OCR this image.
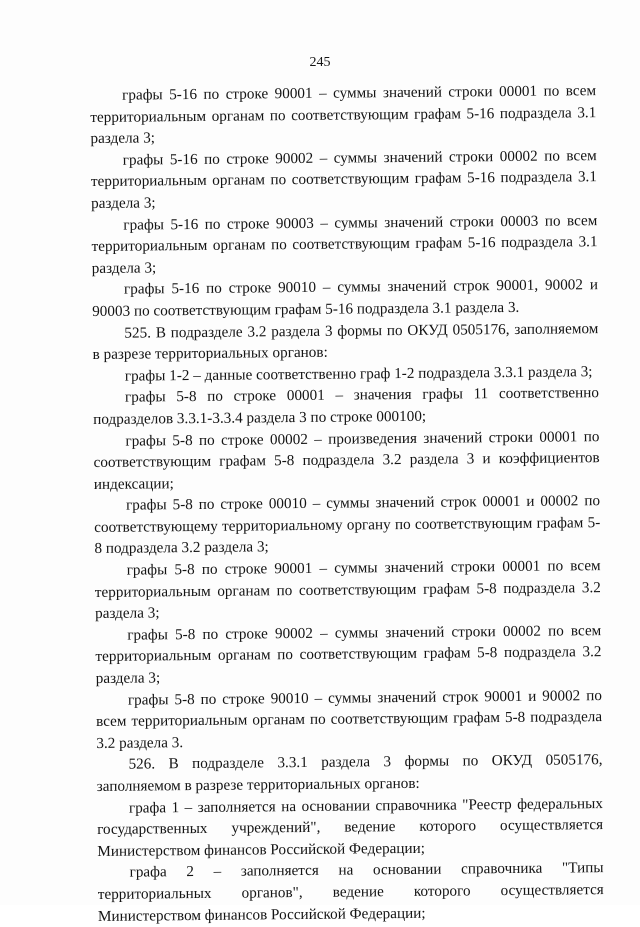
245

графы 5-16 по строке 90001 – суммы значений строки 00001 по всем территориальным органам по соответствующим графам 5-16 подраздела 3.1 раздела 3;

графы 5-16 по строке 90002 – суммы значений строки 00002 по всем территориальным органам по соответствующим графам 5-16 подраздела 3.1 раздела 3;

графы 5-16 по строке 90003 – суммы значений строки 00003 по всем территориальным органам по соответствующим графам 5-16 подраздела 3.1 раздела 3;

графы 5-16 по строке 90010 – суммы значений строк 90001, 90002 и 90003 по соответствующим графам 5-16 подраздела 3.1 раздела 3.

525. В подразделе 3.2 раздела 3 формы по ОКУД 0505176, заполняемом в разрезе территориальных органов:

графы 1-2 – данные соответственно граф 1-2 подраздела 3.3.1 раздела 3;

графы 5-8 по строке 00001 – значения графы 11 соответственно подразделов 3.3.1-3.3.4 раздела 3 по строке 000100;

графы 5-8 по строке 00002 – произведения значений строки 00001 по соответствующим графам 5-8 подраздела 3.2 раздела 3 и коэффициентов индексации;

графы 5-8 по строке 00010 – суммы значений строк 00001 и 00002 по соответствующему территориальному органу по соответствующим графам 5-8 подраздела 3.2 раздела 3;

графы 5-8 по строке 90001 – суммы значений строки 00001 по всем территориальным органам по соответствующим графам 5-8 подраздела 3.2 раздела 3;

графы 5-8 по строке 90002 – суммы значений строки 00002 по всем территориальным органам по соответствующим графам 5-8 подраздела 3.2 раздела 3;

графы 5-8 по строке 90010 – суммы значений строк 90001 и 90002 по всем территориальным органам по соответствующим графам 5-8 подраздела 3.2 раздела 3.

526. В подразделе 3.3.1 раздела 3 формы по ОКУД 0505176, заполняемом в разрезе территориальных органов:

графа 1 – заполняется на основании справочника "Реестр федеральных государственных учреждений", ведение которого осуществляется Министерством финансов Российской Федерации;

графа 2 – заполняется на основании справочника "Типы территориальных органов", ведение которого осуществляется Министерством финансов Российской Федерации;
